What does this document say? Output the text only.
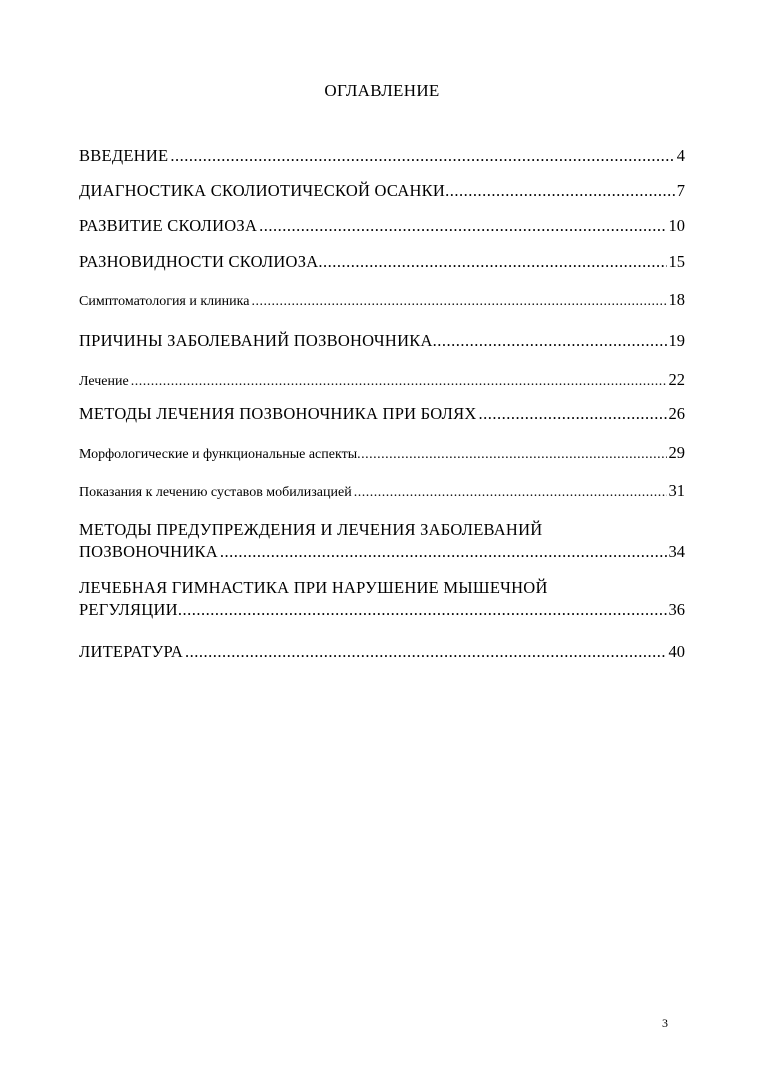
ОГЛАВЛЕНИЕ
ВВЕДЕНИЕ .....	4
ДИАГНОСТИКА СКОЛИОТИЧЕСКОЙ ОСАНКИ .....	7
РАЗВИТИЕ СКОЛИОЗА .....	10
РАЗНОВИДНОСТИ СКОЛИОЗА .....	15
Симптоматология и клиника .....	18
ПРИЧИНЫ ЗАБОЛЕВАНИЙ ПОЗВОНОЧНИКА .....	19
Лечение .....	22
МЕТОДЫ ЛЕЧЕНИЯ ПОЗВОНОЧНИКА ПРИ БОЛЯХ .....	26
Морфологические и функциональные аспекты .....	29
Показания к лечению суставов мобилизацией .....	31
МЕТОДЫ ПРЕДУПРЕЖДЕНИЯ И ЛЕЧЕНИЯ ЗАБОЛЕВАНИЙ
ПОЗВОНОЧНИКА .....	34
ЛЕЧЕБНАЯ ГИМНАСТИКА ПРИ НАРУШЕНИЕ МЫШЕЧНОЙ
РЕГУЛЯЦИИ .....	36
ЛИТЕРАТУРА .....	40
3
